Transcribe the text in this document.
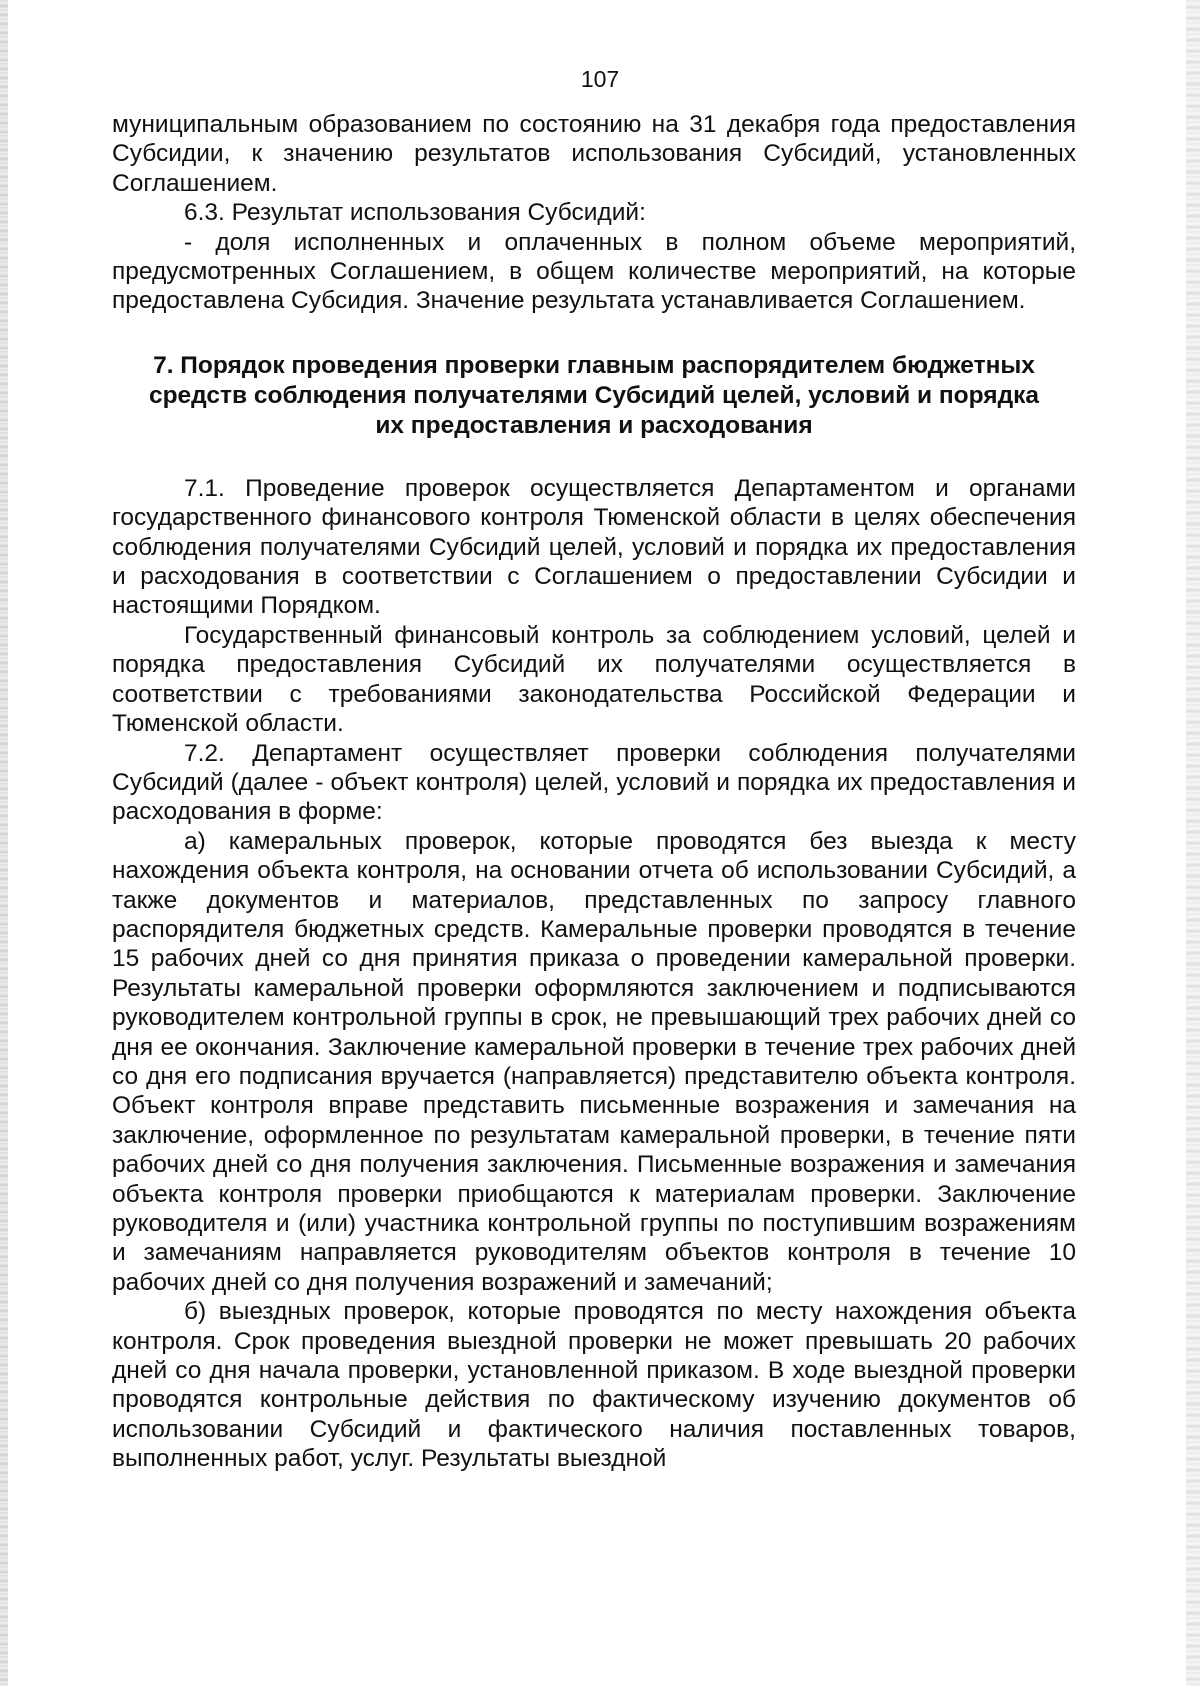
107

муниципальным образованием по состоянию на 31 декабря года предоставления Субсидии, к значению результатов использования Субсидий, установленных Соглашением.

6.3. Результат использования Субсидий:

- доля исполненных и оплаченных в полном объеме мероприятий, предусмотренных Соглашением, в общем количестве мероприятий, на которые предоставлена Субсидия. Значение результата устанавливается Соглашением.

7. Порядок проведения проверки главным распорядителем бюджетных
средств соблюдения получателями Субсидий целей, условий и порядка
их предоставления и расходования

7.1. Проведение проверок осуществляется Департаментом и органами государственного финансового контроля Тюменской области в целях обеспечения соблюдения получателями Субсидий целей, условий и порядка их предоставления и расходования в соответствии с Соглашением о предоставлении Субсидии и настоящими Порядком.

Государственный финансовый контроль за соблюдением условий, целей и порядка предоставления Субсидий их получателями осуществляется в соответствии с требованиями законодательства Российской Федерации и Тюменской области.

7.2. Департамент осуществляет проверки соблюдения получателями Субсидий (далее - объект контроля) целей, условий и порядка их предоставления и расходования в форме:

а) камеральных проверок, которые проводятся без выезда к месту нахождения объекта контроля, на основании отчета об использовании Субсидий, а также документов и материалов, представленных по запросу главного распорядителя бюджетных средств. Камеральные проверки проводятся в течение 15 рабочих дней со дня принятия приказа о проведении камеральной проверки. Результаты камеральной проверки оформляются заключением и подписываются руководителем контрольной группы в срок, не превышающий трех рабочих дней со дня ее окончания. Заключение камеральной проверки в течение трех рабочих дней со дня его подписания вручается (направляется) представителю объекта контроля. Объект контроля вправе представить письменные возражения и замечания на заключение, оформленное по результатам камеральной проверки, в течение пяти рабочих дней со дня получения заключения. Письменные возражения и замечания объекта контроля проверки приобщаются к материалам проверки. Заключение руководителя и (или) участника контрольной группы по поступившим возражениям и замечаниям направляется руководителям объектов контроля в течение 10 рабочих дней со дня получения возражений и замечаний;

б) выездных проверок, которые проводятся по месту нахождения объекта контроля. Срок проведения выездной проверки не может превышать 20 рабочих дней со дня начала проверки, установленной приказом. В ходе выездной проверки проводятся контрольные действия по фактическому изучению документов об использовании Субсидий и фактического наличия поставленных товаров, выполненных работ, услуг. Результаты выездной
